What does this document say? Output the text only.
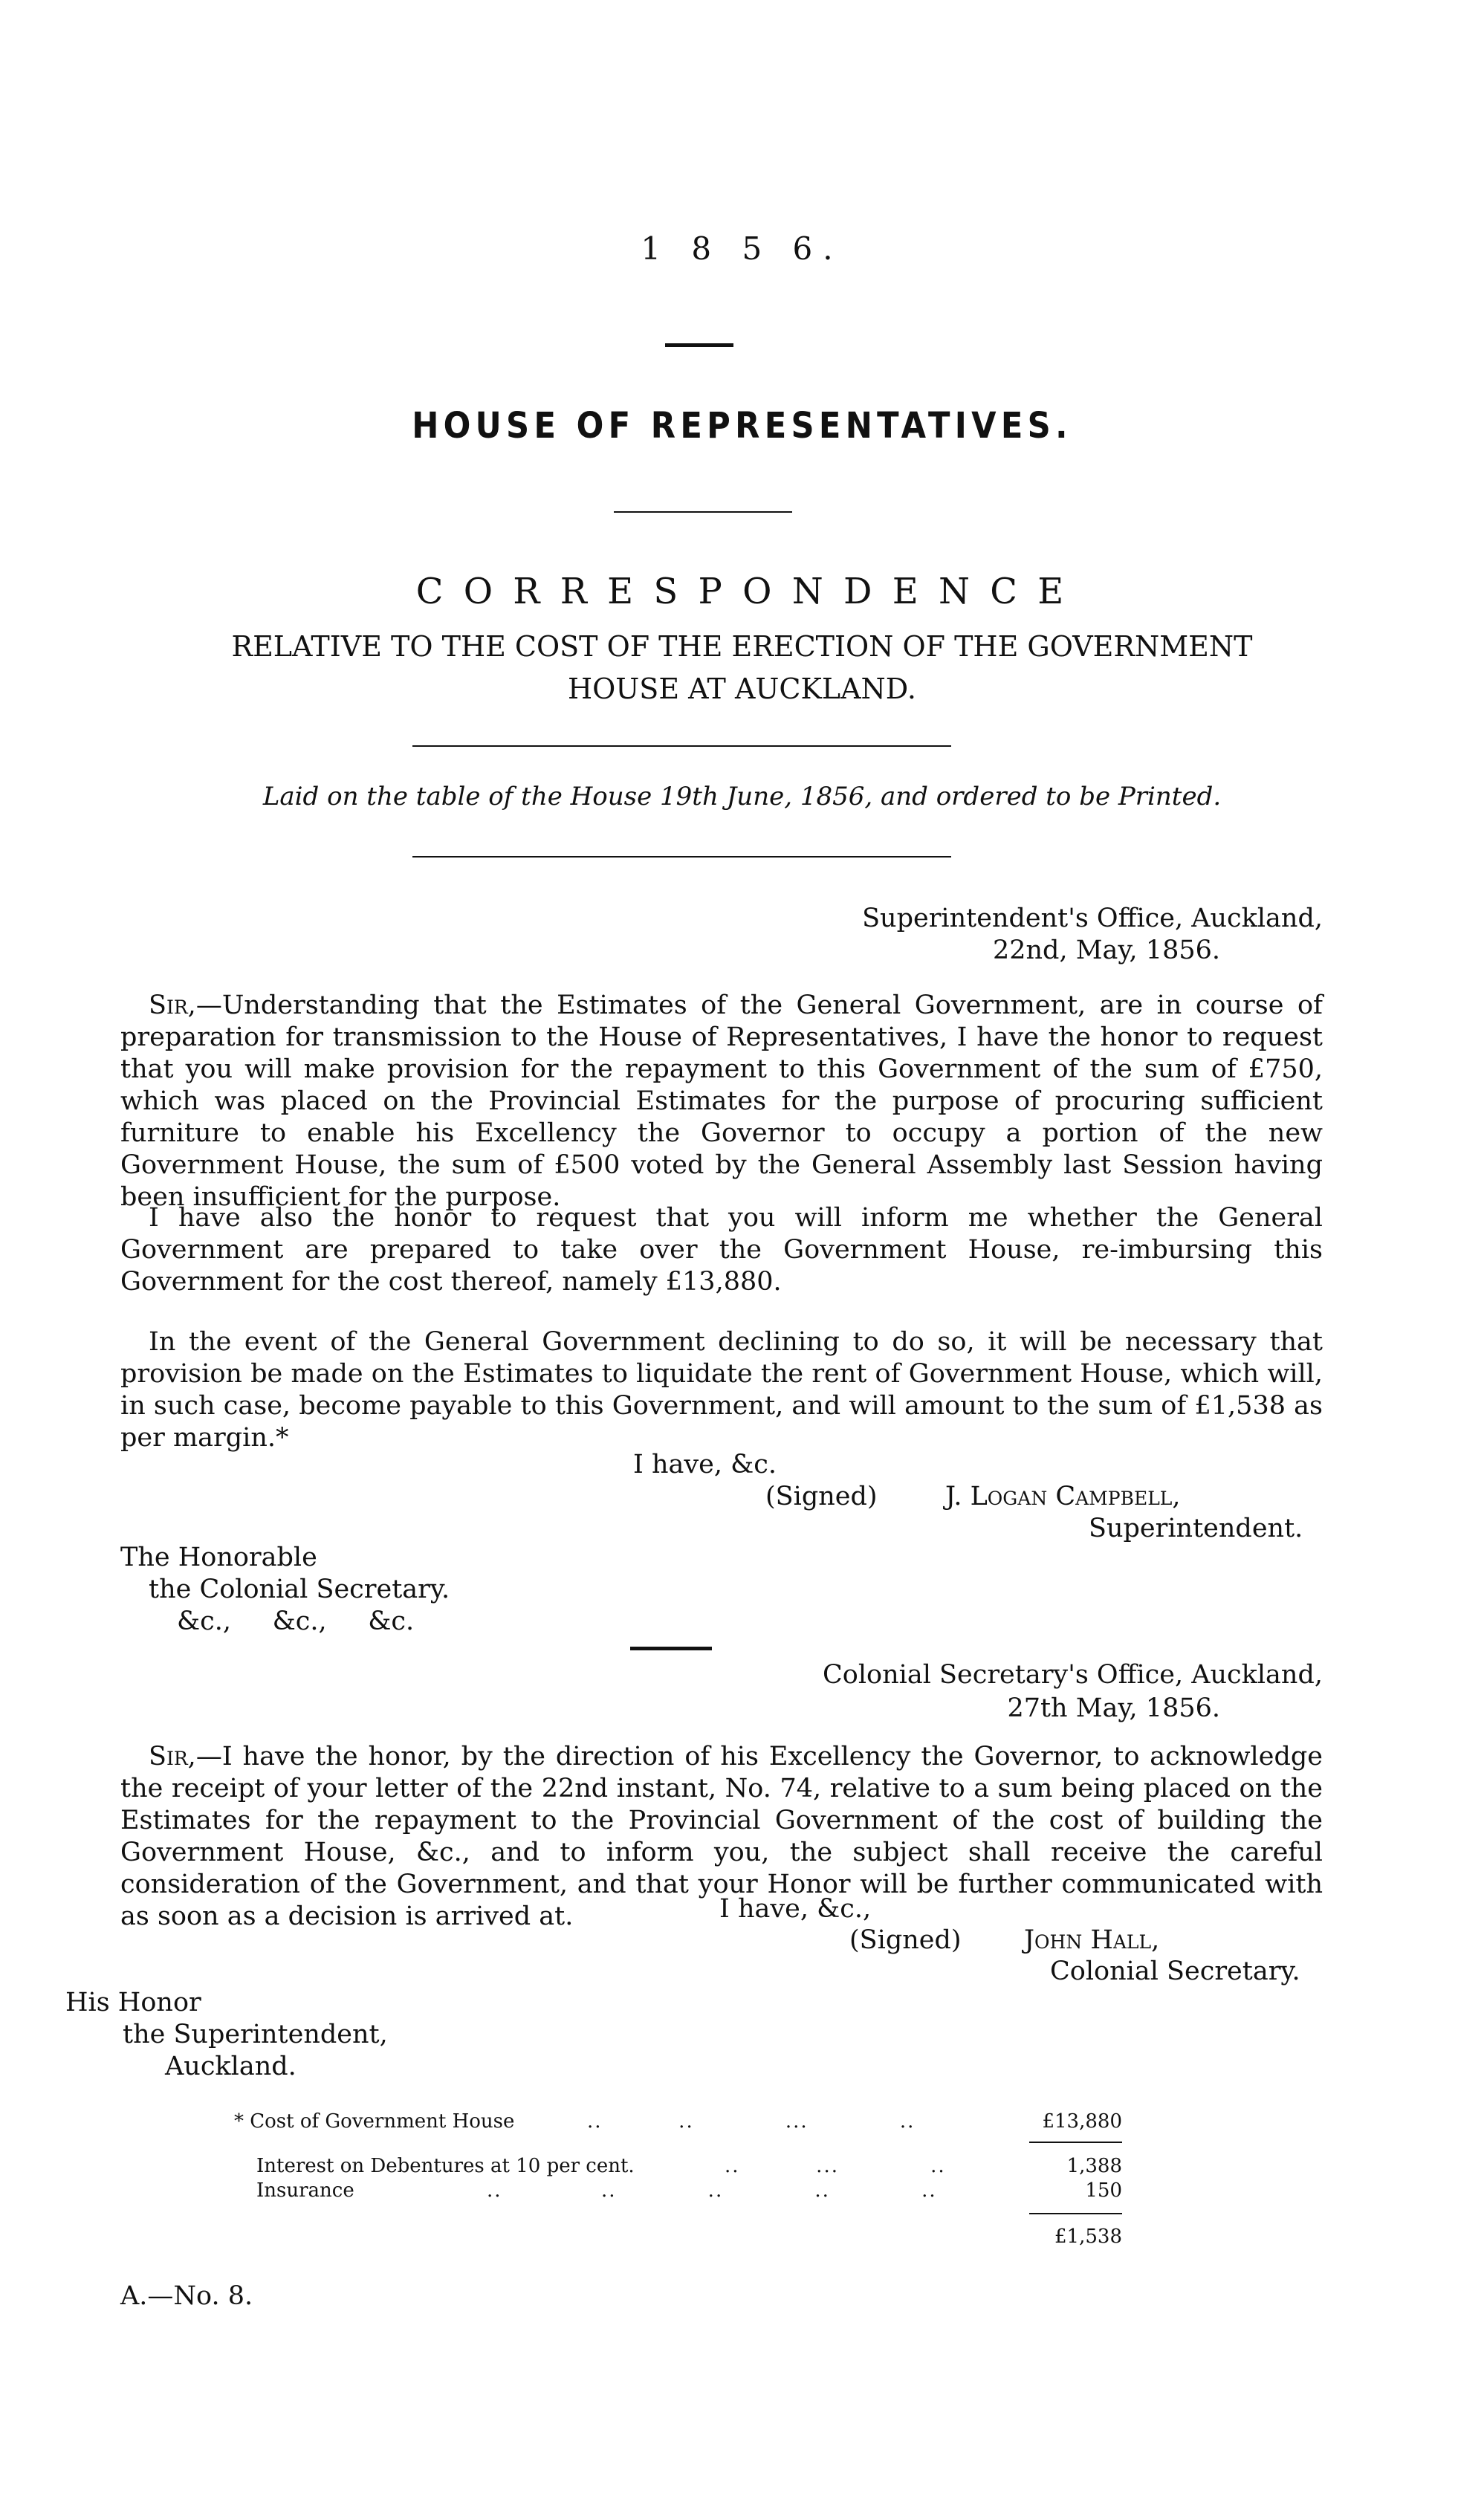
1 8 5 6.
HOUSE OF REPRESENTATIVES.
C O R R E S P O N D E N C E
RELATIVE TO THE COST OF THE ERECTION OF THE GOVERNMENT
HOUSE AT AUCKLAND.
Laid on the table of the House 19th June, 1856, and ordered to be Printed.
Superintendent's Office, Auckland,
22nd, May, 1856.
Sir,—Understanding that the Estimates of the General Government, are in course of preparation for transmission to the House of Representatives, I have the honor to request that you will make provision for the repayment to this Government of the sum of £750, which was placed on the Provincial Estimates for the purpose of procuring sufficient furniture to enable his Excellency the Governor to occupy a portion of the new Government House, the sum of £500 voted by the General Assembly last Session having been insufficient for the purpose.
I have also the honor to request that you will inform me whether the General Government are prepared to take over the Government House, re-imbursing this Government for the cost thereof, namely £13,880.
In the event of the General Government declining to do so, it will be necessary that provision be made on the Estimates to liquidate the rent of Government House, which will, in such case, become payable to this Government, and will amount to the sum of £1,538 as per margin.*
I have, &c.
(Signed)	J. Logan Campbell,
Superintendent.
The Honorable
the Colonial Secretary.
&c.,     &c.,     &c.
Colonial Secretary's Office, Auckland,
27th May, 1856.
Sir,—I have the honor, by the direction of his Excellency the Governor, to acknowledge the receipt of your letter of the 22nd instant, No. 74, relative to a sum being placed on the Estimates for the repayment to the Provincial Government of the cost of building the Government House, &c., and to inform you, the subject shall receive the careful consideration of the Government, and that your Honor will be further communicated with as soon as a decision is arrived at.	I have, &c.,
(Signed) John Hall,
Colonial Secretary.
His Honor
the Superintendent,
Auckland.
* Cost of Government House	..          ..            ...            ..	£13,880
Interest on Debentures at 10 per cent.	..          ...            ..	1,388
Insurance	..             ..            ..            ..            ..	150
£1,538
A.—No. 8.
